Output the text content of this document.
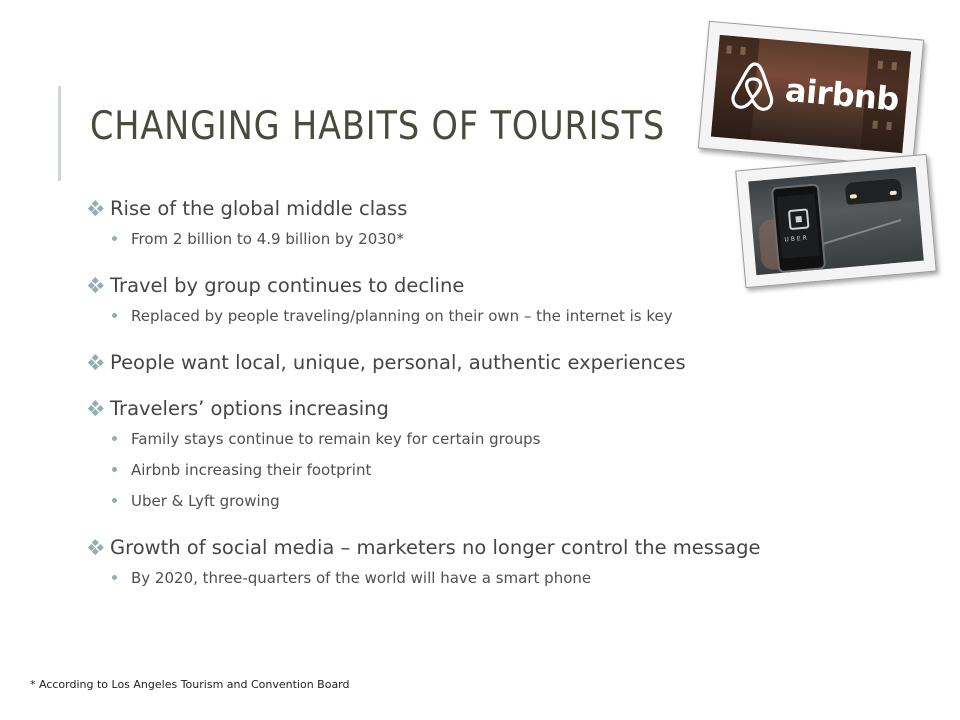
CHANGING HABITS OF TOURISTS
airbnb
UBER
Rise of the global middle class
From 2 billion to 4.9 billion by 2030*
Travel by group continues to decline
Replaced by people traveling/planning on their own – the internet is key
People want local, unique, personal, authentic experiences
Travelers’ options increasing
Family stays continue to remain key for certain groups
Airbnb increasing their footprint
Uber & Lyft growing
Growth of social media – marketers no longer control the message
By 2020, three-quarters of the world will have a smart phone
* According to Los Angeles Tourism and Convention Board
